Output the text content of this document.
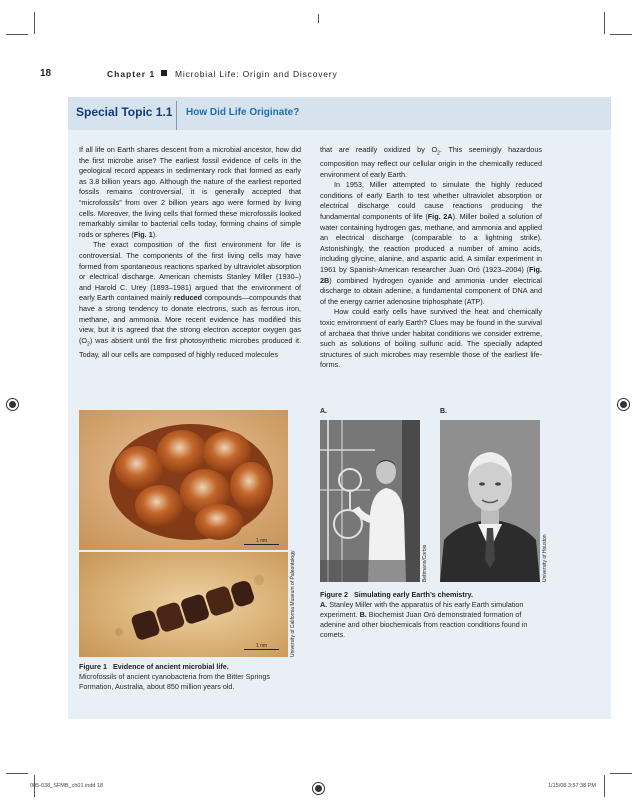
18	Chapter 1 Microbial Life: Origin and Discovery
Special Topic 1.1 How Did Life Originate?

If all life on Earth shares descent from a microbial ancestor, how did the first microbe arise? The earliest fossil evidence of cells in the geological record appears in sedimentary rock that formed as early as 3.8 billion years ago. Although the nature of the earliest reported fossils remains controversial, it is generally accepted that “microfossils” from over 2 billion years ago were formed by living cells. Moreover, the living cells that formed these microfossils looked remarkably similar to bacterial cells today, forming chains of simple rods or spheres (Fig. 1).

The exact composition of the first environment for life is controversial. The components of the first living cells may have formed from spontaneous reactions sparked by ultraviolet absorption or electrical discharge. American chemists Stanley Miller (1930–) and Harold C. Urey (1893–1981) argued that the environment of early Earth contained mainly reduced compounds—compounds that have a strong tendency to donate electrons, such as ferrous iron, methane, and ammonia. More recent evidence has modified this view, but it is agreed that the strong electron acceptor oxygen gas $(O_2)$ was absent until the first photosynthetic microbes produced it. Today, all our cells are composed of highly reduced molecules

that are readily oxidized by $O_2$. This seemingly hazardous composition may reflect our cellular origin in the chemically reduced environment of early Earth.

In 1953, Miller attempted to simulate the highly reduced conditions of early Earth to test whether ultraviolet absorption or electrical discharge could cause reactions producing the fundamental components of life (Fig. 2A). Miller boiled a solution of water containing hydrogen gas, methane, and ammonia and applied an electrical discharge (comparable to a lightning strike). Astonishingly, the reaction produced a number of amino acids, including glycine, alanine, and aspartic acid. A similar experiment in 1961 by Spanish-American researcher Juan Oró (1923–2004) (Fig. 2B) combined hydrogen cyanide and ammonia under electrical discharge to obtain adenine, a fundamental component of DNA and of the energy carrier adenosine triphosphate (ATP).

How could early cells have survived the heat and chemically toxic environment of early Earth? Clues may be found in the survival of archaea that thrive under habitat conditions we consider extreme, such as solutions of boiling sulfuric acid. The specially adapted structures of such microbes may resemble those of the earliest life-forms.

1 nm
1 nm	University of California Museum of Paleontology
Figure 1 Evidence of ancient microbial life.
Microfossils of ancient cyanobacteria from the Bitter Springs Formation, Australia, about 850 million years old.
A.	B.
Bettmann/Corbis	University of Houston
Figure 2 Simulating early Earth’s chemistry.
A. Stanley Miller with the apparatus of his early Earth simulation experiment. B. Biochemist Juan Oró demonstrated formation of adenine and other biochemicals from reaction conditions found in comets.
005-038_SFMB_ch01.indd 18	1/15/08 3:57:38 PM
